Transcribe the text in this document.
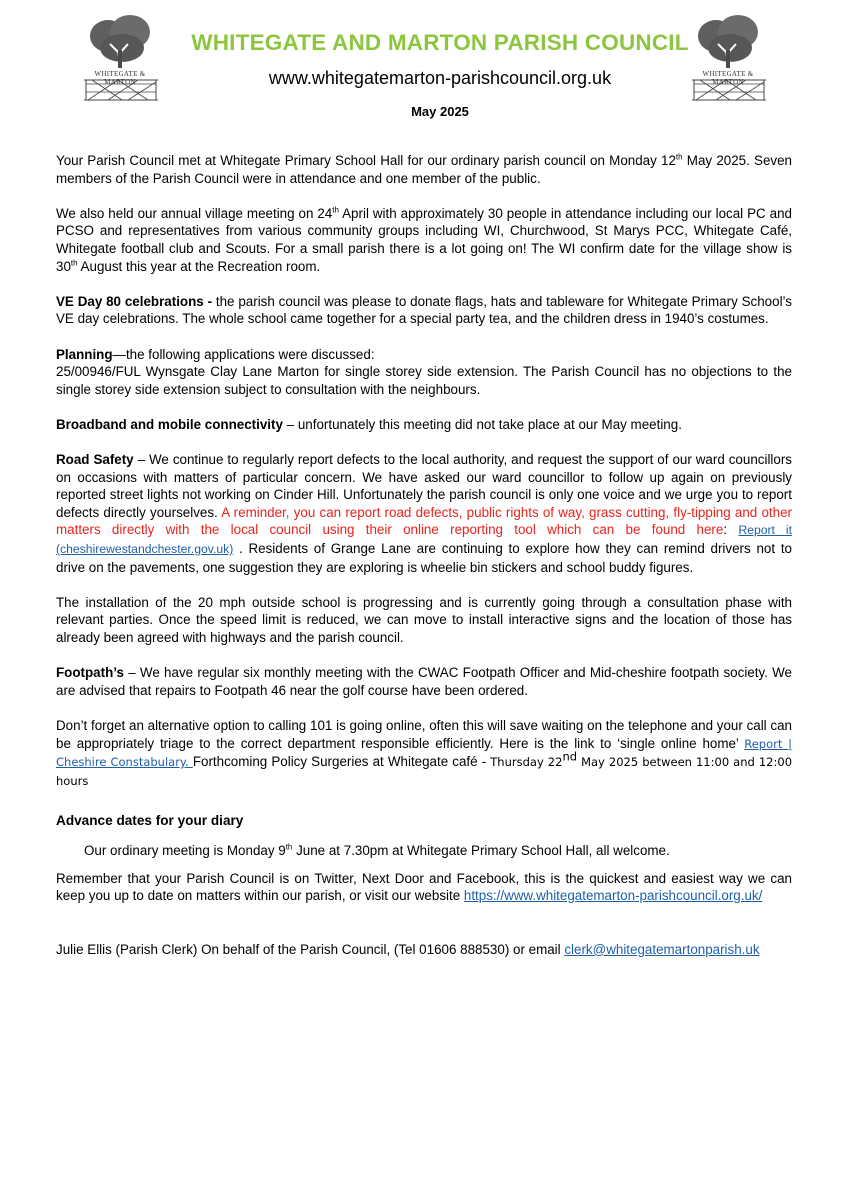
WHITEGATE & MARTON
WHITEGATE & MARTON
WHITEGATE AND MARTON PARISH COUNCIL
www.whitegatemarton-parishcouncil.org.uk
May 2025

Your Parish Council met at Whitegate Primary School Hall for our ordinary parish council on Monday 12th May 2025. Seven members of the Parish Council were in attendance and one member of the public.

We also held our annual village meeting on 24th April with approximately 30 people in attendance including our local PC and PCSO and representatives from various community groups including WI, Churchwood, St Marys PCC, Whitegate Café, Whitegate football club and Scouts. For a small parish there is a lot going on! The WI confirm date for the village show is 30th August this year at the Recreation room.

VE Day 80 celebrations - the parish council was please to donate flags, hats and tableware for Whitegate Primary School’s VE day celebrations. The whole school came together for a special party tea, and the children dress in 1940’s costumes.

Planning—the following applications were discussed:
25/00946/FUL Wynsgate Clay Lane Marton for single storey side extension. The Parish Council has no objections to the single storey side extension subject to consultation with the neighbours.

Broadband and mobile connectivity – unfortunately this meeting did not take place at our May meeting.

Road Safety – We continue to regularly report defects to the local authority, and request the support of our ward councillors on occasions with matters of particular concern. We have asked our ward councillor to follow up again on previously reported street lights not working on Cinder Hill. Unfortunately the parish council is only one voice and we urge you to report defects directly yourselves. A reminder, you can report road defects, public rights of way, grass cutting, fly-tipping and other matters directly with the local council using their online reporting tool which can be found here: Report it (cheshirewestandchester.gov.uk) . Residents of Grange Lane are continuing to explore how they can remind drivers not to drive on the pavements, one suggestion they are exploring is wheelie bin stickers and school buddy figures.

The installation of the 20 mph outside school is progressing and is currently going through a consultation phase with relevant parties. Once the speed limit is reduced, we can move to install interactive signs and the location of those has already been agreed with highways and the parish council.

Footpath’s – We have regular six monthly meeting with the CWAC Footpath Officer and Mid-cheshire footpath society. We are advised that repairs to Footpath 46 near the golf course have been ordered.

Don’t forget an alternative option to calling 101 is going online, often this will save waiting on the telephone and your call can be appropriately triage to the correct department responsible efficiently. Here is the link to ‘single online home’ Report | Cheshire Constabulary. Forthcoming Policy Surgeries at Whitegate café - Thursday 22nd May 2025 between 11:00 and 12:00 hours

Advance dates for your diary

Our ordinary meeting is Monday 9th June at 7.30pm at Whitegate Primary School Hall, all welcome.

Remember that your Parish Council is on Twitter, Next Door and Facebook, this is the quickest and easiest way we can keep you up to date on matters within our parish, or visit our website https://www.whitegatemarton-parishcouncil.org.uk/

Julie Ellis (Parish Clerk) On behalf of the Parish Council, (Tel 01606 888530) or email clerk@whitegatemartonparish.uk
